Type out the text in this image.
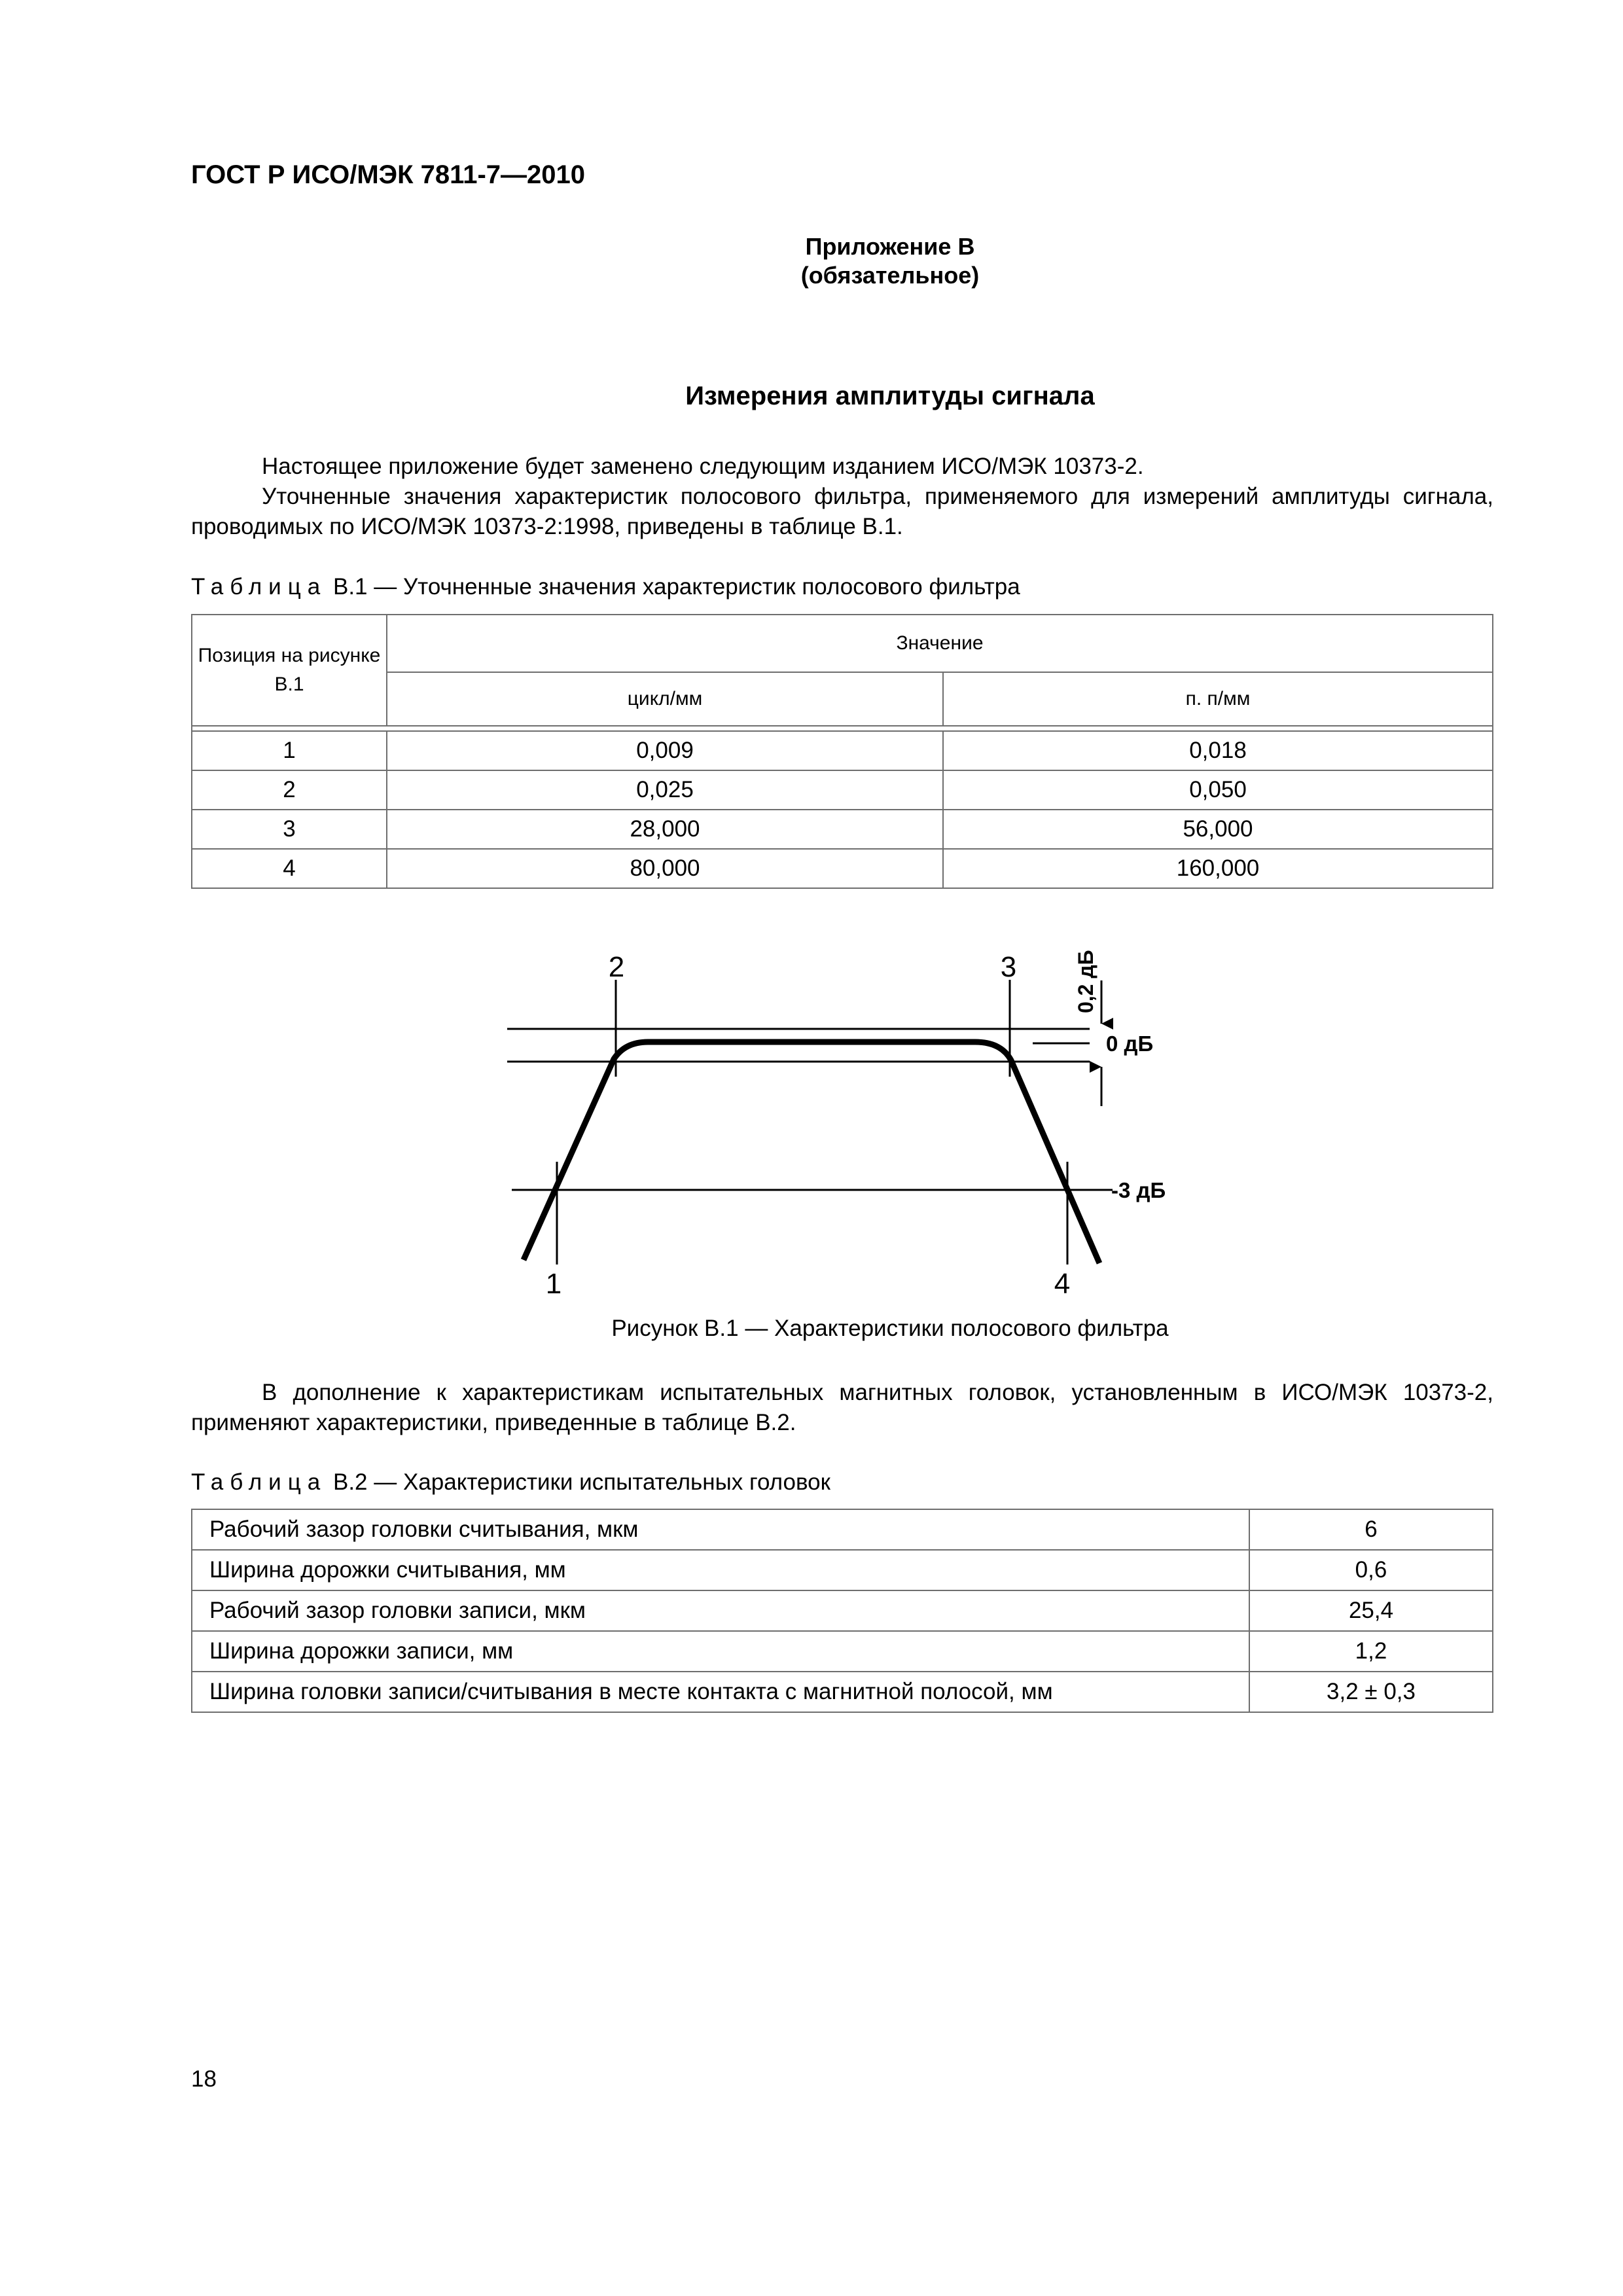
ГОСТ Р ИСО/МЭК 7811-7—2010
Приложение В
(обязательное)
Измерения амплитуды сигнала
Настоящее приложение будет заменено следующим изданием ИСО/МЭК 10373-2.
Уточненные значения характеристик полосового фильтра, применяемого для измерений амплитуды сигнала, проводимых по ИСО/МЭК 10373-2:1998, приведены в таблице В.1.
Таблица В.1 — Уточненные значения характеристик полосового фильтра
Позиция на рисунке В.1	Значение	
	цикл/мм	п. п/мм

1	0,009	0,018
2	0,025	0,050
3	28,000	56,000
4	80,000	160,000
2	3
1	4
0 дБ
-3 дБ
0,2 дБ
Рисунок В.1 — Характеристики полосового фильтра
В дополнение к характеристикам испытательных магнитных головок, установленным в ИСО/МЭК 10373-2, применяют характеристики, приведенные в таблице В.2.
Таблица В.2 — Характеристики испытательных головок
Рабочий зазор головки считывания, мкм	6
Ширина дорожки считывания, мм	0,6
Рабочий зазор головки записи, мкм	25,4
Ширина дорожки записи, мм	1,2
Ширина головки записи/считывания в месте контакта с магнитной полосой, мм	3,2 ± 0,3
18
